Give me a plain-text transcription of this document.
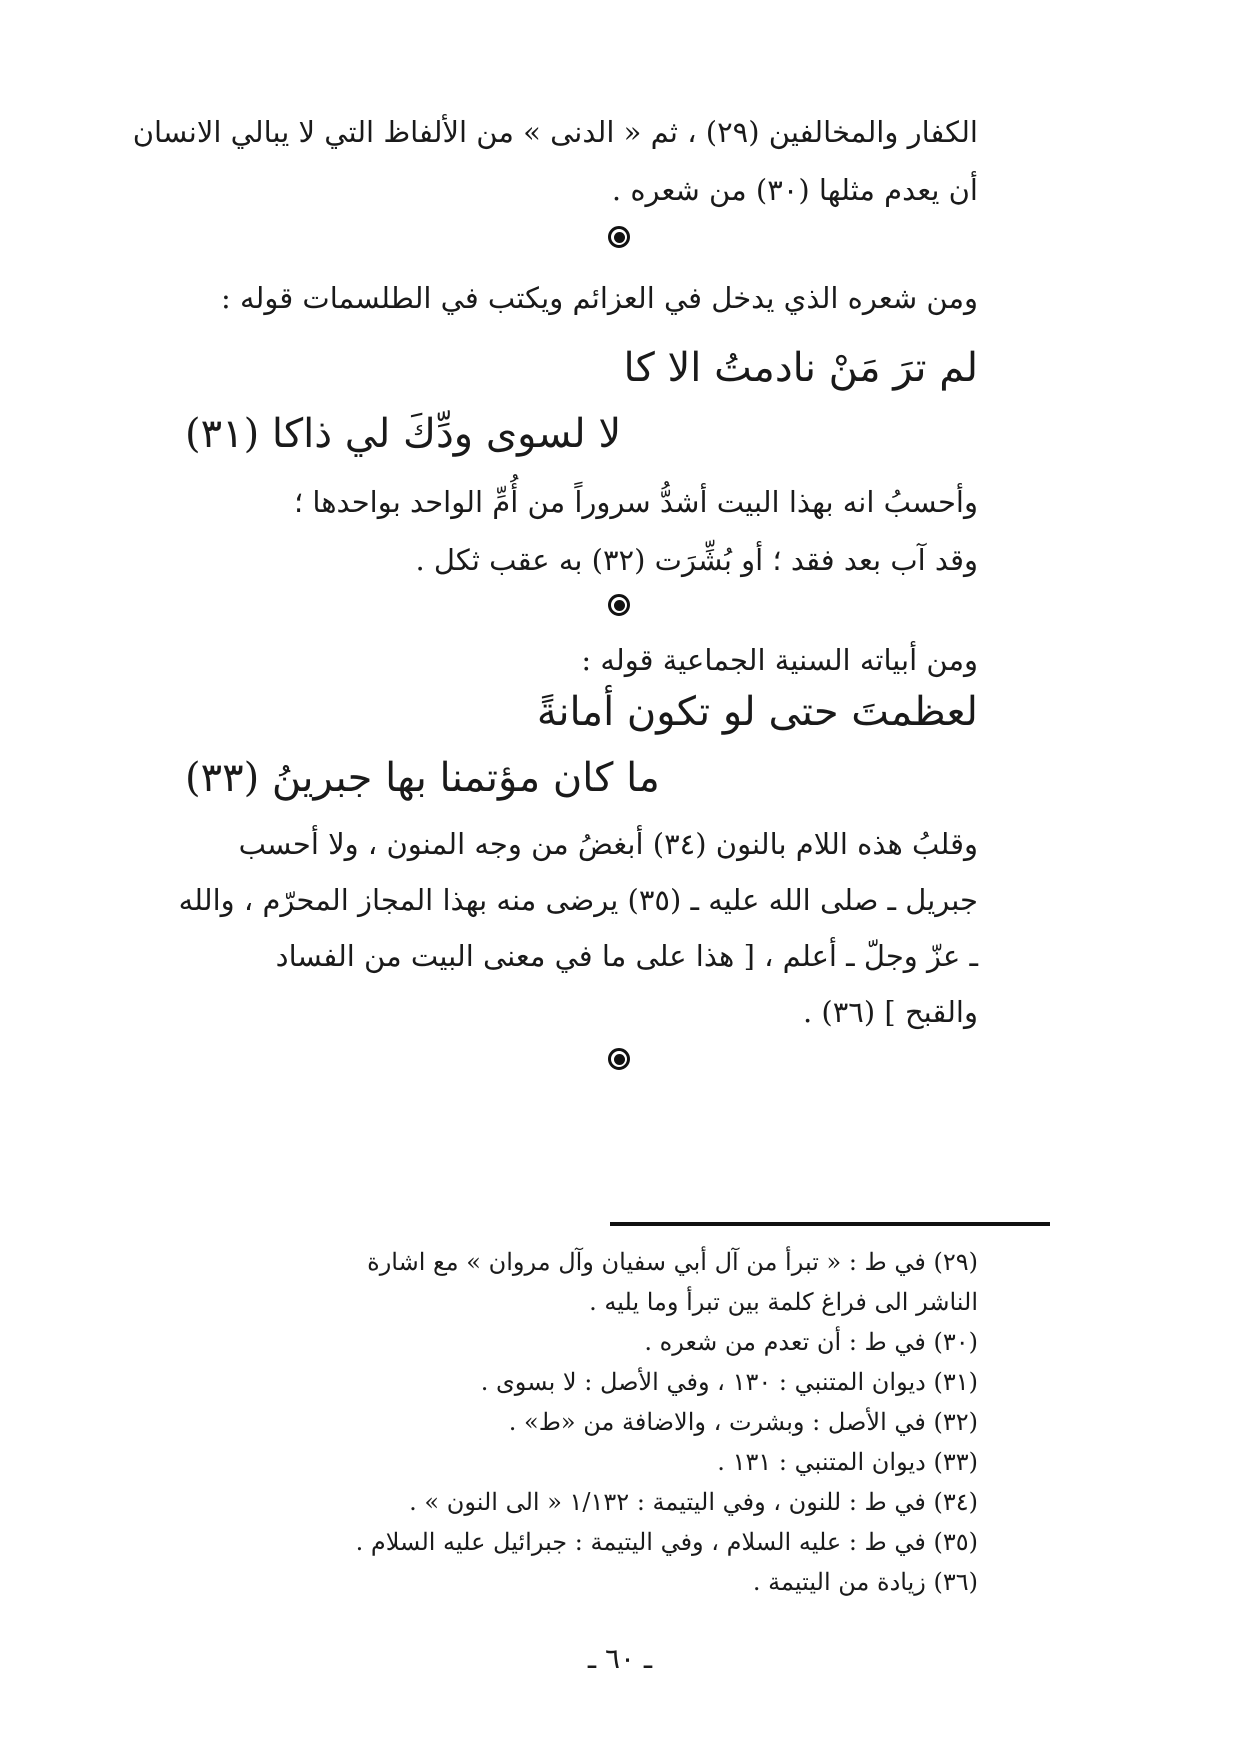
الكفار والمخالفين (٢٩) ، ثم « الدنى » من الألفاظ التي لا يبالي الانسان
أن يعدم مثلها (٣٠) من شعره .
ومن شعره الذي يدخل في العزائم ويكتب في الطلسمات قوله :
لم ترَ مَنْ نادمتُ الا كا
لا لسوى ودِّكَ لي ذاكا (٣١)
وأحسبُ انه بهذا البيت أشدُّ سروراً من أُمِّ الواحد بواحدها ؛
وقد آب بعد فقد ؛ أو بُشِّرَت (٣٢) به عقب ثكل .
ومن أبياته السنية الجماعية قوله :
لعظمتَ حتى لو تكون أمانةً
ما كان مؤتمنا بها جبرينُ (٣٣)
وقلبُ هذه اللام بالنون (٣٤) أبغضُ من وجه المنون ، ولا أحسب
جبريل ـ صلى الله عليه ـ (٣٥) يرضى منه بهذا المجاز المحرّم ، والله
ـ عزّ وجلّ ـ أعلم ، [ هذا على ما في معنى البيت من الفساد
والقبح ] (٣٦) .
(٢٩) في ط : « تبرأ من آل أبي سفيان وآل مروان » مع اشارة
الناشر الى فراغ كلمة بين تبرأ وما يليه .
(٣٠) في ط : أن تعدم من شعره .
(٣١) ديوان المتنبي : ١٣٠ ، وفي الأصل : لا بسوى .
(٣٢) في الأصل : وبشرت ، والاضافة من «ط» .
(٣٣) ديوان المتنبي : ١٣١ .
(٣٤) في ط : للنون ، وفي اليتيمة : ١/١٣٢ « الى النون » .
(٣٥) في ط : عليه السلام ، وفي اليتيمة : جبرائيل عليه السلام .
(٣٦) زيادة من اليتيمة .
ـ ٦٠ ـ
